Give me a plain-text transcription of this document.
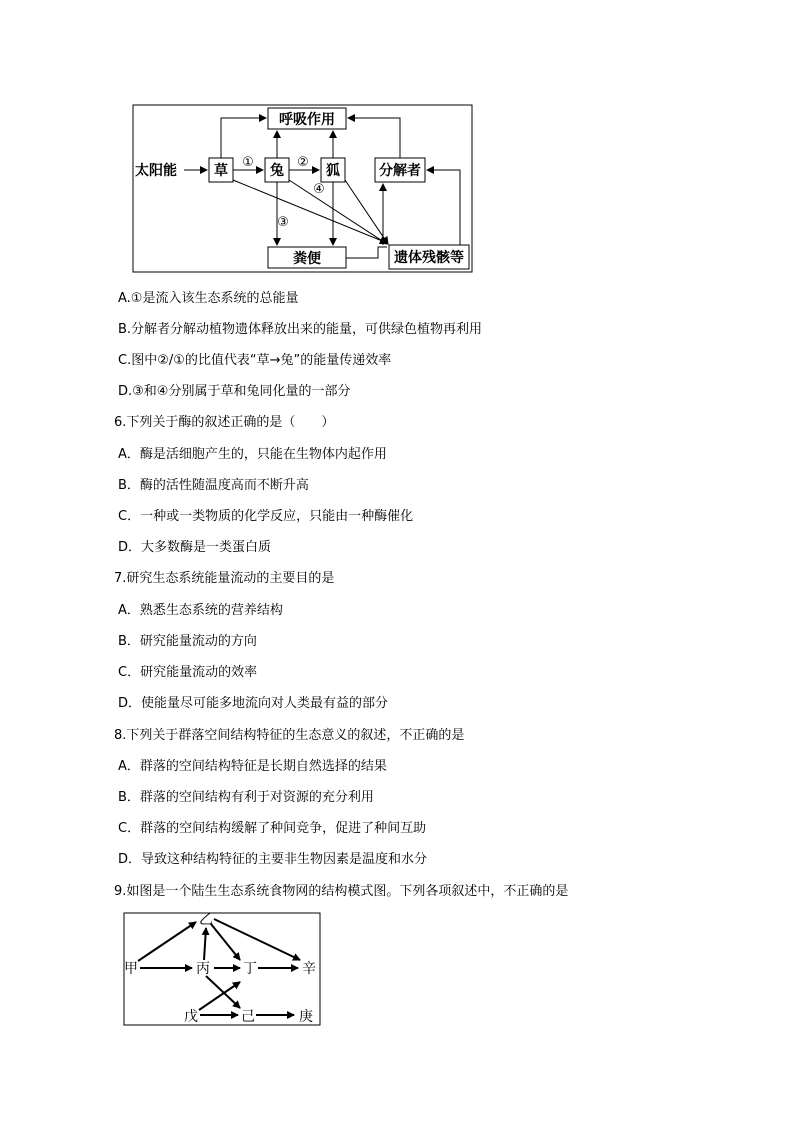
太阳能
呼吸作用
草	兔	狐	分解者
粪便	遗体残骸等
①	②
③
④
甲
乙
丙 丁	辛
戊	己	庚
A.①是流入该生态系统的总能量
B.分解者分解动植物遗体释放出来的能量，可供绿色植物再利用
C.图中②/①的比值代表“草→兔”的能量传递效率
D.③和④分别属于草和兔同化量的一部分
6.下列关于酶的叙述正确的是（　　）
A．酶是活细胞产生的，只能在生物体内起作用
B．酶的活性随温度高而不断升高
C．一种或一类物质的化学反应，只能由一种酶催化
D．大多数酶是一类蛋白质
7.研究生态系统能量流动的主要目的是
A．熟悉生态系统的营养结构
B．研究能量流动的方向
C．研究能量流动的效率
D．使能量尽可能多地流向对人类最有益的部分
8.下列关于群落空间结构特征的生态意义的叙述，不正确的是
A．群落的空间结构特征是长期自然选择的结果
B．群落的空间结构有利于对资源的充分利用
C．群落的空间结构缓解了种间竞争，促进了种间互助
D．导致这种结构特征的主要非生物因素是温度和水分
9.如图是一个陆生生态系统食物网的结构模式图。下列各项叙述中，不正确的是
